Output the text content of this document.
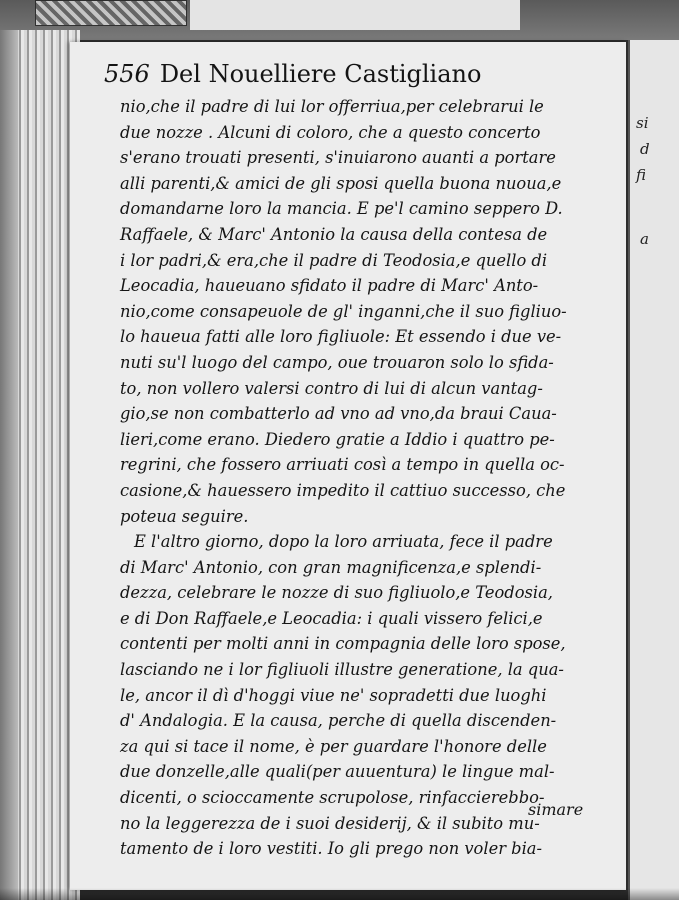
si
d
fi
a
556 Del Nouelliere Castigliano
nio,che il padre di lui lor offerriua,per celebrarui le
due nozze . Alcuni di coloro, che a questo concerto
s'erano trouati presenti, s'inuiarono auanti a portare
alli parenti,& amici de gli sposi quella buona nuoua,e
domandarne loro la mancia. E pe'l camino seppero D.
Raffaele, & Marc' Antonio la causa della contesa de
i lor padri,& era,che il padre di Teodosia,e quello di
Leocadia, haueuano sfidato il padre di Marc' Anto-
nio,come consapeuole de gl' inganni,che il suo figliuo-
lo haueua fatti alle loro figliuole: Et essendo i due ve-
nuti su'l luogo del campo, oue trouaron solo lo sfida-
to, non vollero valersi contro di lui di alcun vantag-
gio,se non combatterlo ad vno ad vno,da braui Caua-
lieri,come erano. Diedero gratie a Iddio i quattro pe-
regrini, che fossero arriuati così a tempo in quella oc-
casione,& hauessero impedito il cattiuo successo, che
poteua seguire.
E l'altro giorno, dopo la loro arriuata, fece il padre
di Marc' Antonio, con gran magnificenza,e splendi-
dezza, celebrare le nozze di suo figliuolo,e Teodosia,
e di Don Raffaele,e Leocadia: i quali vissero felici,e
contenti per molti anni in compagnia delle loro spose,
lasciando ne i lor figliuoli illustre generatione, la qua-
le, ancor il dì d'hoggi viue ne' sopradetti due luoghi
d' Andalogia. E la causa, perche di quella discenden-
za qui si tace il nome, è per guardare l'honore delle
due donzelle,alle quali(per auuentura) le lingue mal-
dicenti, o scioccamente scrupolose, rinfaccierebbo-
no la leggerezza de i suoi desiderij, & il subito mu-
tamento de i loro vestiti. Io gli prego non voler bia-
simare
